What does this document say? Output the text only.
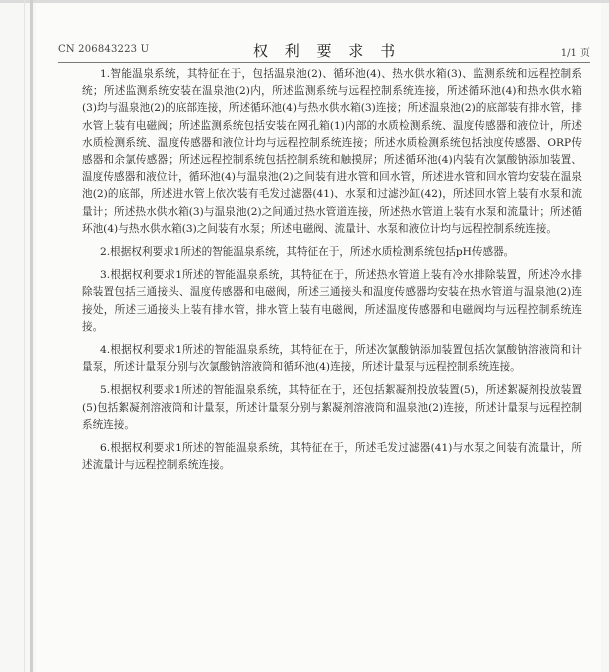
CN 206843223 U	权 利 要 求 书	1/1 页

1.智能温泉系统，其特征在于，包括温泉池(2)、循环池(4)、热水供水箱(3)、监测系统和远程控制系统；所述监测系统安装在温泉池(2)内，所述监测系统与远程控制系统连接，所述循环池(4)和热水供水箱(3)均与温泉池(2)的底部连接，所述循环池(4)与热水供水箱(3)连接；所述温泉池(2)的底部装有排水管，排水管上装有电磁阀；所述监测系统包括安装在网孔箱(1)内部的水质检测系统、温度传感器和液位计，所述水质检测系统、温度传感器和液位计均与远程控制系统连接；所述水质检测系统包括浊度传感器、ORP传感器和余氯传感器；所述远程控制系统包括控制系统和触摸屏；所述循环池(4)内装有次氯酸钠添加装置、温度传感器和液位计，循环池(4)与温泉池(2)之间装有进水管和回水管，所述进水管和回水管均安装在温泉池(2)的底部，所述进水管上依次装有毛发过滤器(41)、水泵和过滤沙缸(42)，所述回水管上装有水泵和流量计；所述热水供水箱(3)与温泉池(2)之间通过热水管道连接，所述热水管道上装有水泵和流量计；所述循环池(4)与热水供水箱(3)之间装有水泵；所述电磁阀、流量计、水泵和液位计均与远程控制系统连接。

2.根据权利要求1所述的智能温泉系统，其特征在于，所述水质检测系统包括pH传感器。

3.根据权利要求1所述的智能温泉系统，其特征在于，所述热水管道上装有冷水排除装置，所述冷水排除装置包括三通接头、温度传感器和电磁阀，所述三通接头和温度传感器均安装在热水管道与温泉池(2)连接处，所述三通接头上装有排水管，排水管上装有电磁阀，所述温度传感器和电磁阀均与远程控制系统连接。

4.根据权利要求1所述的智能温泉系统，其特征在于，所述次氯酸钠添加装置包括次氯酸钠溶液筒和计量泵，所述计量泵分别与次氯酸钠溶液筒和循环池(4)连接，所述计量泵与远程控制系统连接。

5.根据权利要求1所述的智能温泉系统，其特征在于，还包括絮凝剂投放装置(5)，所述絮凝剂投放装置(5)包括絮凝剂溶液筒和计量泵，所述计量泵分别与絮凝剂溶液筒和温泉池(2)连接，所述计量泵与远程控制系统连接。

6.根据权利要求1所述的智能温泉系统，其特征在于，所述毛发过滤器(41)与水泵之间装有流量计，所述流量计与远程控制系统连接。
